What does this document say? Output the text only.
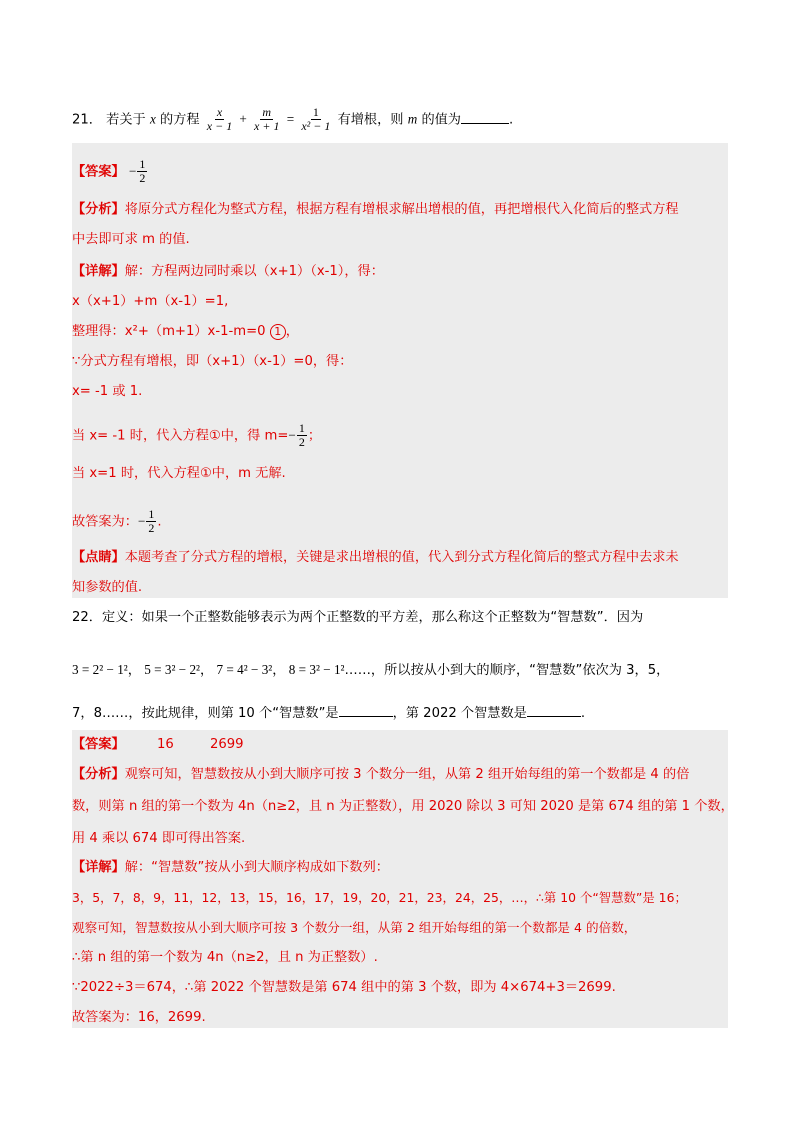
21． 若关于 x 的方程 $\frac{x}{x - 1} + \frac{m}{x + 1} = \frac{1}{\text{x² − 1}}$ 有增根，则 m 的值为	.
【答案】 − $\frac{1}{2}$
【分析】将原分式方程化为整式方程，根据方程有增根求解出增根的值，再把增根代入化简后的整式方程
中去即可求 m 的值.
【详解】解：方程两边同时乘以（x+1）（x-1），得：
x（x+1）+m（x-1）=1,
整理得：x²+（m+1）x-1-m=0 1 ，
∵分式方程有增根，即（x+1）（x-1）=0，得：
x= -1 或 1.
当 x= -1 时，代入方程①中，得 $m=- \frac{1}{2}$ ；
当 x=1 时，代入方程①中，m 无解.
故答案为：− $\frac{1}{2}$ .
【点睛】本题考查了分式方程的增根，关键是求出增根的值，代入到分式方程化简后的整式方程中去求未
知参数的值.
22．定义：如果一个正整数能够表示为两个正整数的平方差，那么称这个正整数为“智慧数”．因为
3 = 2² − 1²， 5 = 3² − 2²， 7 = 4² − 3²， 8 = 3² − 1²……，所以按从小到大的顺序，“智慧数”依次为 3，5，
7，8……，按此规律，则第 10 个“智慧数”是	，第 2022 个智慧数是	.
【答案】 16	2699
【分析】观察可知，智慧数按从小到大顺序可按 3 个数分一组，从第 2 组开始每组的第一个数都是 4 的倍
数，则第 n 组的第一个数为 4n（n≥2，且 n 为正整数），用 2020 除以 3 可知 2020 是第 674 组的第 1 个数，
用 4 乘以 674 即可得出答案.
【详解】解：“智慧数”按从小到大顺序构成如下数列：
3，5，7，8，9，11，12，13，15，16，17，19，20，21，23，24，25，…，∴第 10 个“智慧数”是 16；
观察可知，智慧数按从小到大顺序可按 3 个数分一组，从第 2 组开始每组的第一个数都是 4 的倍数，
∴第 n 组的第一个数为 4n（n≥2，且 n 为正整数）.
∵2022÷3＝674，∴第 2022 个智慧数是第 674 组中的第 3 个数，即为 4×674+3＝2699.
故答案为：16，2699.
